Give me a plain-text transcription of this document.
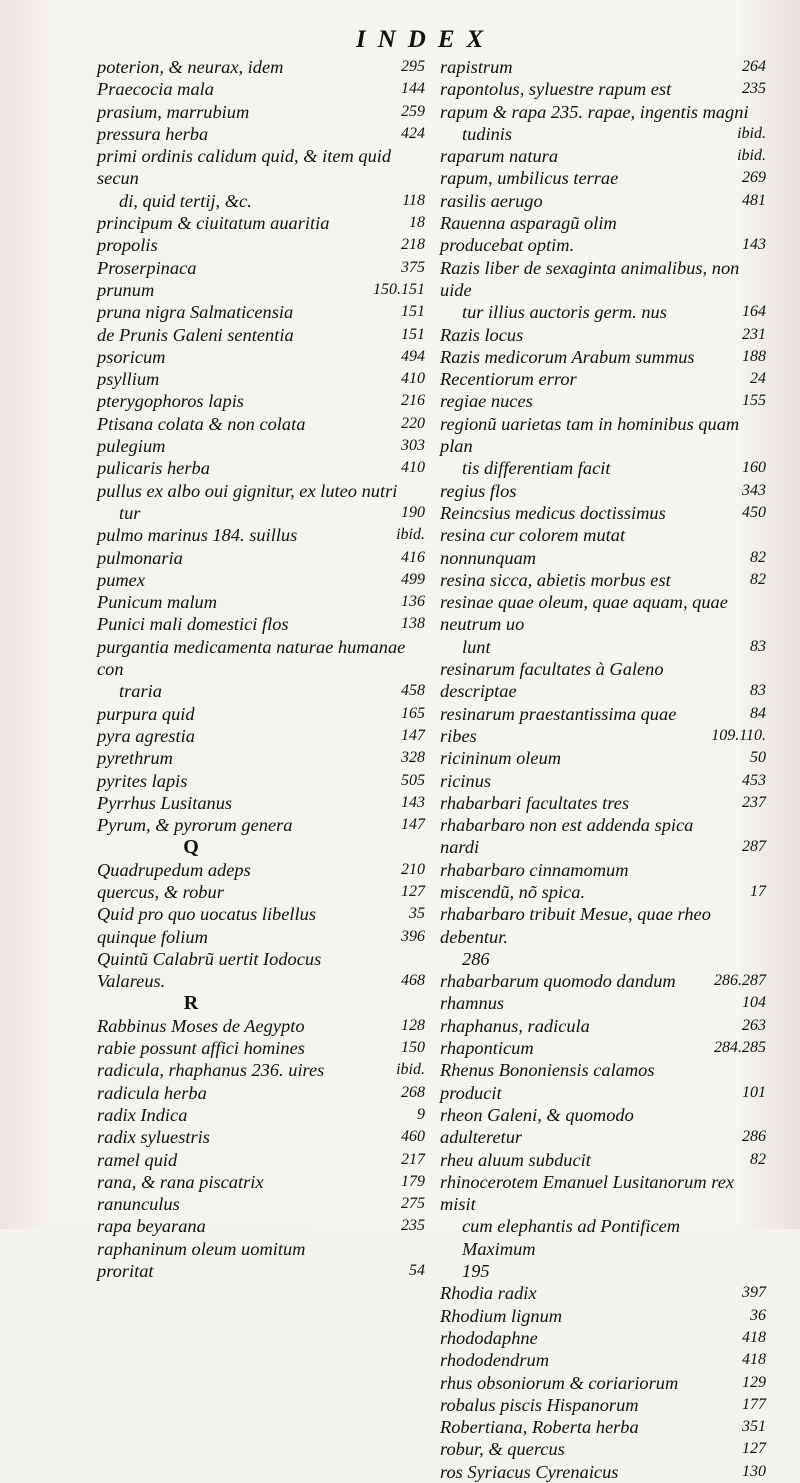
INDEX
poterion, & neurax, idem	295
Praecocia mala	144
prasium, marrubium	259
pressura herba	424
primi ordinis calidum quid, & item quid secun
di, quid tertij, &c.	118
principum & ciuitatum auaritia	18
propolis	218
Proserpinaca	375
prunum	150.151
pruna nigra Salmaticensia	151
de Prunis Galeni sententia	151
psoricum	494
psyllium	410
pterygophoros lapis	216
Ptisana colata & non colata	220
pulegium	303
pulicaris herba	410
pullus ex albo oui gignitur, ex luteo nutri
tur	190
pulmo marinus 184. suillus	ibid.
pulmonaria	416
pumex	499
Punicum malum	136
Punici mali domestici flos	138
purgantia medicamenta naturae humanae con
traria	458
purpura quid	165
pyra agrestia	147
pyrethrum	328
pyrites lapis	505
Pyrrhus Lusitanus	143
Pyrum, & pyrorum genera	147
Q
Quadrupedum adeps	210
quercus, & robur	127
Quid pro quo uocatus libellus	35
quinque folium	396
Quintũ Calabrũ uertit Iodocus Valareus.	468
R
Rabbinus Moses de Aegypto	128
rabie possunt affici homines	150
radicula, rhaphanus 236. uires	ibid.
radicula herba	268
radix Indica	9
radix syluestris	460
ramel quid	217
rana, & rana piscatrix	179
ranunculus	275
rapa beyarana	235
raphaninum oleum uomitum proritat	54
rapistrum	264
rapontolus, syluestre rapum est	235
rapum & rapa 235. rapae, ingentis magni
tudinis	ibid.
raparum natura	ibid.
rapum, umbilicus terrae	269
rasilis aerugo	481
Rauenna asparagũ olim producebat optim.	143
Razis liber de sexaginta animalibus, non uide
tur illius auctoris germ. nus	164
Razis locus	231
Razis medicorum Arabum summus	188
Recentiorum error	24
regiae nuces	155
regionũ uarietas tam in hominibus quam plan
tis differentiam facit	160
regius flos	343
Reincsius medicus doctissimus	450
resina cur colorem mutat nonnunquam	82
resina sicca, abietis morbus est	82
resinae quae oleum, quae aquam, quae neutrum uo
lunt	83
resinarum facultates à Galeno descriptae	83
resinarum praestantissima quae	84
ribes	109.110.
ricininum oleum	50
ricinus	453
rhabarbari facultates tres	237
rhabarbaro non est addenda spica nardi	287
rhabarbaro cinnamomum miscendũ, nõ spica.	17
rhabarbaro tribuit Mesue, quae rheo debentur.
286
rhabarbarum quomodo dandum	286.287
rhamnus	104
rhaphanus, radicula	263
rhaponticum	284.285
Rhenus Bononiensis calamos producit	101
rheon Galeni, & quomodo adulteretur	286
rheu aluum subducit	82
rhinocerotem Emanuel Lusitanorum rex misit
cum elephantis ad Pontificem Maximum
195
Rhodia radix	397
Rhodium lignum	36
rhododaphne	418
rhododendrum	418
rhus obsoniorum & coriariorum	129
robalus piscis Hispanorum	177
Robertiana, Roberta herba	351
robur, & quercus	127
ros Syriacus Cyrenaicus	130
